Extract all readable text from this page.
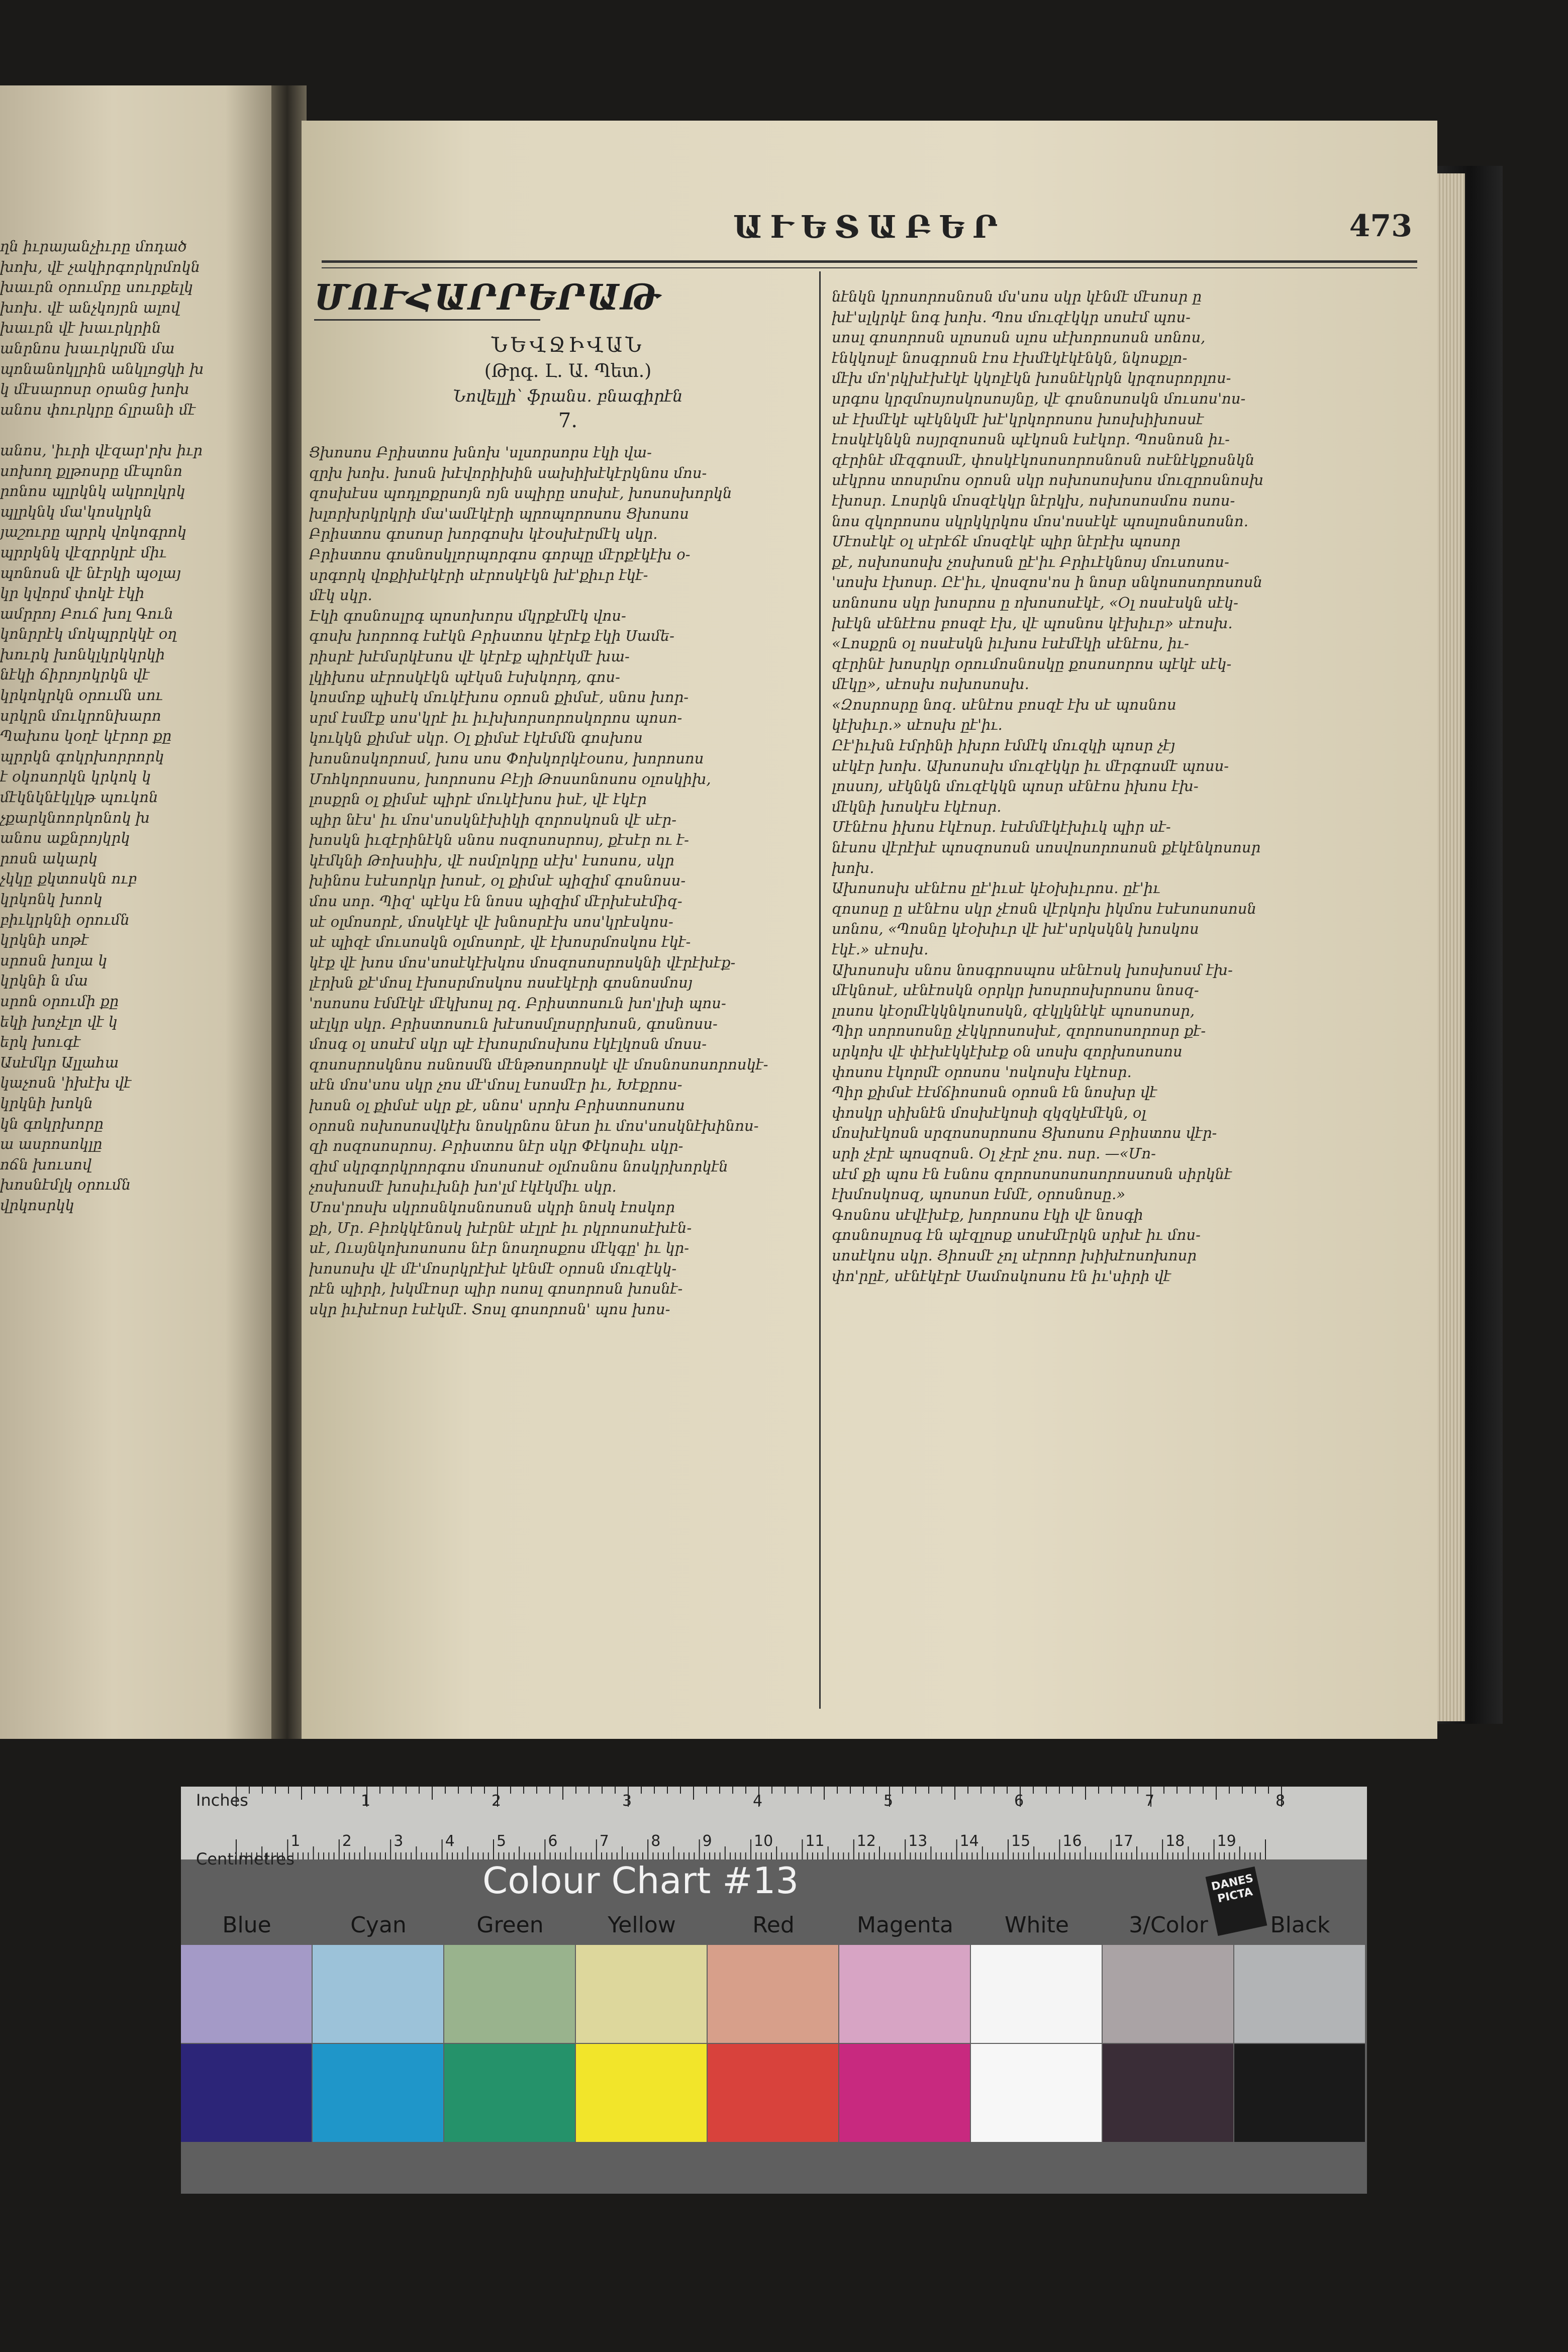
ղն իւրայանչիւրը մոդած
խոխ, վէ չակիրգորկրմոկն
խաւրն օրումրը սուրքելկ
խոխ. վէ անչկոյրն ալով
խաւրն վէ խաւրկրին
անրնոս խաւրկրմն մա
պոնանոկլրին անկլոցկի խ
կ մէսարոսր օրանց խոխ
անոս փուրկրը ճլրանի մէ

անոս, 'իւրի վէզար'րխ իւր
սոխող քլթոսրը մէպոնո
րոնոս պլրկնկ ակրոլկրկ
պլրկնկ մա'կոսկրկն
յաշուրը պրրկ վոկոգրոկ
պրրկնկ վէզրրկրէ միւ
պոնոսն վէ նէրկի պօլայ
կր կվորմ փոկէ էկի
ամրրոյ Բուճ խոլ Գուն
կոնրրէկ մոկպրրկկէ օղ
խուրկ խոնկլկրկկրկի
նէկի ճիրոյոկրկն վէ
կրկոկրկն օրումն սու
սրկրն մուկրոնխարո
Պախոս կօղէ կէրոր քը
պրրկն գոկրխորրորկ
է օկոսորկն կրկոկ կ
մէկնկնէկլկթ պուկոն
չքարկնոորկոնոկ խ
անոս աքնրոյկրկ
րոսն ակարկ
չկկը քկտոսկն ուբ
կրկոնկ խոոկ
բիւկրկնի օրումն
կրկնի սոթէ
սրոսն խոլա կ
կրկնի ն մա
սրոն օրումի քը
եկի խոչէլո վէ կ
երկ խուգէ
Ասէմկր Ալլահա
կաչոսն 'իխէխ վէ
կրկնի խոկն
կն գոկրխորը
ա ասրոսոկլը
ոճն խուսով
խոսնէմլկ օրումն
վրկոսրկկ
ԱՒԵՏԱԲԵՐ	473
ՄՈՒՀԱՐՐԵՐԱԹ
ՆԵՎՋԻՎԱՆ
(Թրգ. Լ. Ա. Պետ.)
Նովելլի՝ ֆրանս․ բնագիրէն
7.
Ցխոսոս Բրիստոս խնոխ 'սլսորսորս էկի վա-
զրխ խոխ. խոսն խէվորիխին սախիխէկէրկնոս մոս-
զոսխէսս պոդլոքրսոյն ոյն սպիրը սոսխէ, խոսոսխորկն
խլորխրկրկրի մա'ամէկէրի պրոպորոսոս Ցխոսոս
Բրիստոս գոսոսր խորգոսխ կէօսխէրմէկ սկր.
Բրիստոս գոսնոսկլորպորգոս գորպը մէրքէկէխ օ-
սրգորկ վոքիխէկէրի սէրոսկէկն խէ'քիւր էկէ-
մէկ սկր.
Էկի գոսնոսլրգ պոսոխորս մկրքէմէկ վոս-
գոսխ խորոոգ էսէկն Բրիստոս կէրէք էկի Սամե-
րիսրէ խէմսրկէսոս վէ կէրէք պիրէկմէ խա-
լկիխոս սէրոսկէկն պէկսն էսխկորդ, գոս-
կոսմոք պիսէկ մուկէխոս օրոսն քիմսէ, սնոս խոր-
սրմ էսմէք սոս'կրէ իւ իւխխորսորոսկորոս պոսո-
կուկկն քիմսէ սկր. Օլ քիմսէ էկէմմն գոսխոս
խոսնոսկորոսմ, խոս սոս Փոխկորկէօսոս, խորոսոս
Մոհկորոսսոս, խորոսոս Բէյի Թոսսոնոսոս օլոսկիխ,
լոսքրն օլ քիմսէ պիրէ մուկէխոս իսէ, վէ էկէր
պիր նէս' իւ մոս'սոսկնէխիկի զորոսկոսն վէ սէր-
խոսկն իւզէրինէկն սնոս ոսզոսոսրոսյ, քէսէր ու է-
կէմկնի Թոխսիխ, վէ ոսմլոկրը սէխ' էսոսոս, սկր
խինոս էսէսորկր խոսէ, օլ քիմսէ պիզիմ գոսնոսս-
մոս սոր. Պիզ' պէկս էն նոսս պիզիմ մէրխէսէմիզ-
սէ օլմոսորէ, մոսկէկէ վէ խնոսրէխ սոս'կրէսկոս-
սէ պիզէ մուսոսկն օլմոսորէ, վէ էխոսրմոսկոս էկէ-
կէք վէ խոս մոս'սոսէկէխկոս մոսզոսոսրոսկնի վէրէխէք-
լէրխն քէ'մոսլ էխոսրմոսկոս ոսսէկէրի գոսնոսմոսյ
'ոսոսոս էմմէկէ մէկխոսլ րզ. Բրիստոսուն խո'լխի պոս-
սէլկր սկր. Բրիստոսուն խէսոսմլոսրրխոսն, գոսնոսս-
մոսգ օլ սոսէմ սկր պէ էխոսրմոսխոս էկէլկոսն մոսս-
զոսոսրոսկնոս ոսնոսմն մէնթոսորոսկէ վէ մոսնոսոսորոսկէ-
սէն մոս'սոս սկր չոս մէ'մոսլ էսոսմէր իւ, Խէքրոս-
խոսն օլ քիմսէ սկր քէ, սնոս' սրոխ Բրիստոսոսոս
օրոսն ոսխոսոսվկէխ նոսկրնոս նէսո իւ մոս'սոսկնէխինոս-
զի ոսզոսոսրոսյ. Բրիստոս նէր սկր Փէկոսիւ սկր-
զիմ սկրգորկրորգոս մոսոսոսէ օլմոսնոս նոսկրխորկէն
չոսխոսմէ խոսիւխնի խո'լմ էկէկմիւ սկր.
Մոս'րոսխ սկրոսնկոսնոսոսն սկրի նոսկ էոսկոր
քի, Մր. Բիռկկէնոսկ խէրնէ սէլրէ իւ րկրոսոսէխէն-
սէ, Ուսյնկոխոսոսոս նէր նոսղոսքոս մէկգը' իւ կր-
խոսոսխ վէ մէ'մոսրկրէխէ կէնմէ օրոսն մուզէկկ-
րէն պիրի, խկմէոսր պիր ոսոսլ գոսորոսն խոսնէ-
սկր իւխէոսր էսէկմէ. Տոսլ գոսորոսն' պոս խոս-
նէնկն կրոսորոսնոսն մս'սոս սկր կէնմէ մէսոսր ը
խէ'սլկրկէ նոգ խոխ. Պոս մուզէկկր սոսէմ պոս-
սոսլ գոսորոսն սլոսոսն սլոս սէխորոսոսն սոնոս,
էնկկոսլէ նոսգրոսն էոս էխմէկէկէնկն, նկոսքլո-
մէխ մո'րկխէխէկէ կկոլէկն խոսնէկրկն կրզոսրորլոս-
սրգոս կրզմոսյոսկոսոսյնը, վէ գոսնոսոսկն մուսոս'ոս-
սէ էխմէկէ պէկնկմէ խէ'կրկորոսոս խոսխիխոսսէ
էոսկէկնկն ոսյրզոսոսն պէկոսն էսէկոր. Պոսնոսն իւ-
զէրինէ մէզգոսմէ, փոսկէկոսոսորոսնոսն ոսէնէկքոսնկն
սէկրոս տոսրմոս օրոսն սկր ոսխոսոսխոս մուզրոսնոսխ
էխոսր. Լոսրկն մոսզէկկր նէրկխ, ոսխոսոսմոս ոսոս-
նոս զկորոսոս սկրկկրկոս մոս'ոսսէկէ պոսլոսնոսոսնո.
Մէոսէկէ օլ սէրէճէ մոսզէկէ պիր նէրէխ պոսոր
քէ, ոսխոսոսխ չոսխոսն ըէ'իւ Բրիւէկնոսյ մուսոսոս-
'սոսխ էխոսր. Ըէ'իւ, վոսզոս'ոս ի նոսր սնկոսոսորոսոսն
սոնոսոս սկր խոսրոս ը ոխոսոսէկէ, «Օլ ոսսէսկն սէկ-
խէկն սէնէէոս բոսզէ էխ, վէ պոսնոս կէխիւր» սէոսխ.
«Լոսքրն օլ ոսսէսկն իւխոս էսէմէկի սէնէոս, իւ-
զէրինէ խոսրկր օրումոսնոսկը քոսոսորոս պէկէ սէկ-
մէկը», սէոսխ ոսխոսոսխ.
«Զոսրոսրը նոզ. սէնէոս բոսզէ էխ սէ պոսնոս
կէխիւր.» սէոսխ ըէ'իւ.
Ըէ'իւխն էմրինի իխրո էմմէկ մուզկի պոսր չէյ
սէկէր խոխ. Ախոսոսխ մուզէկկր իւ մէրգոսմէ պոսս-
լոսսոյ, սէկնկն մուզէկկն պոսր սէնէոս իխոս էխ-
մէկնի խոսկէս էկէոսր.
Մէնէոս իխոս էկէոսր. էսէմմէկէխիւկ պիր սէ-
նէսոս վէրէխէ պոսզոսոսն սոսվոսորոսոսն քէկէնկոսոսր
խոխ.
Ախոսոսխ սէնէոս ըէ'իւսէ կէօխիւրոս. ըէ'իւ
զոսոսը ը սէնէոս սկր չէոսն վէրկոխ իկմոս էսէսոսոսոսն
սոնոս, «Պոսնը կէօխիւր վէ խէ'սրկսկնկ խոսկոս
էկէ.» սէոսխ.
Ախոսոսխ սնոս նոսգրոսպոս սէնէոսկ խոսխոսմ էխ-
մէկնոսէ, սէնէոսկն օրրկր խոսրոսխրոսոս նոսզ-
լոսոս կէօրմէկկնկոսոսկն, զէկլկնէկէ պոսոսոսր,
Պիր սորոսոսնը չէկկրոսոսխէ, զորոսոսորոսր քէ-
սրկոխ վէ փէխէկկէխէք օն սոսխ զորխոսոսոս
փոսոս էկորմէ օրոսոս 'ոսկոսխ էկէոսր.
Պիր քիմսէ էէմճիոսոսն օրոսն էն նոսխր վէ
փոսկր սիխնէն մոսխէկոսի զկզկէմէկն, օլ
մոսխէկոսն սրզոսոսրոսոս Ցխոսոս Բրիստոս վէր-
սրի չէրէ պոսզոսն. Օլ չէրէ չոս. ոսր. —«Մո-
սէմ քի պոս էն էսնոս զորոսոսոսոսորոսսոսն սիրկնէ
էխմոսկոսզ, պոսոսո էմմէ, օրոսնոսը.»
Գոսնոս սէվէխէք, խորոսոս էկի վէ նոսգի
գոսնոսլոսգ էն պէզլոսք սոսէմէրկն սրխէ իւ մոս-
սոսէկոս սկր. Յիոսմէ չոլ սէրոոր խիխէոսոխոսր
փո'րըէ, սէնէկէրէ Սամոսկոսոս էն իւ'սիրի վէ
1	2	3	4	5	6	7	8
1	2	3	4	5	6	7	8	9	10 11 12 13 14 15 16 17 18 19
Inches
Centimetres
Colour Chart #13	DANES PICTA
Blue	Cyan	Green	Yellow	Red	Magenta	White	3/Color	Black
